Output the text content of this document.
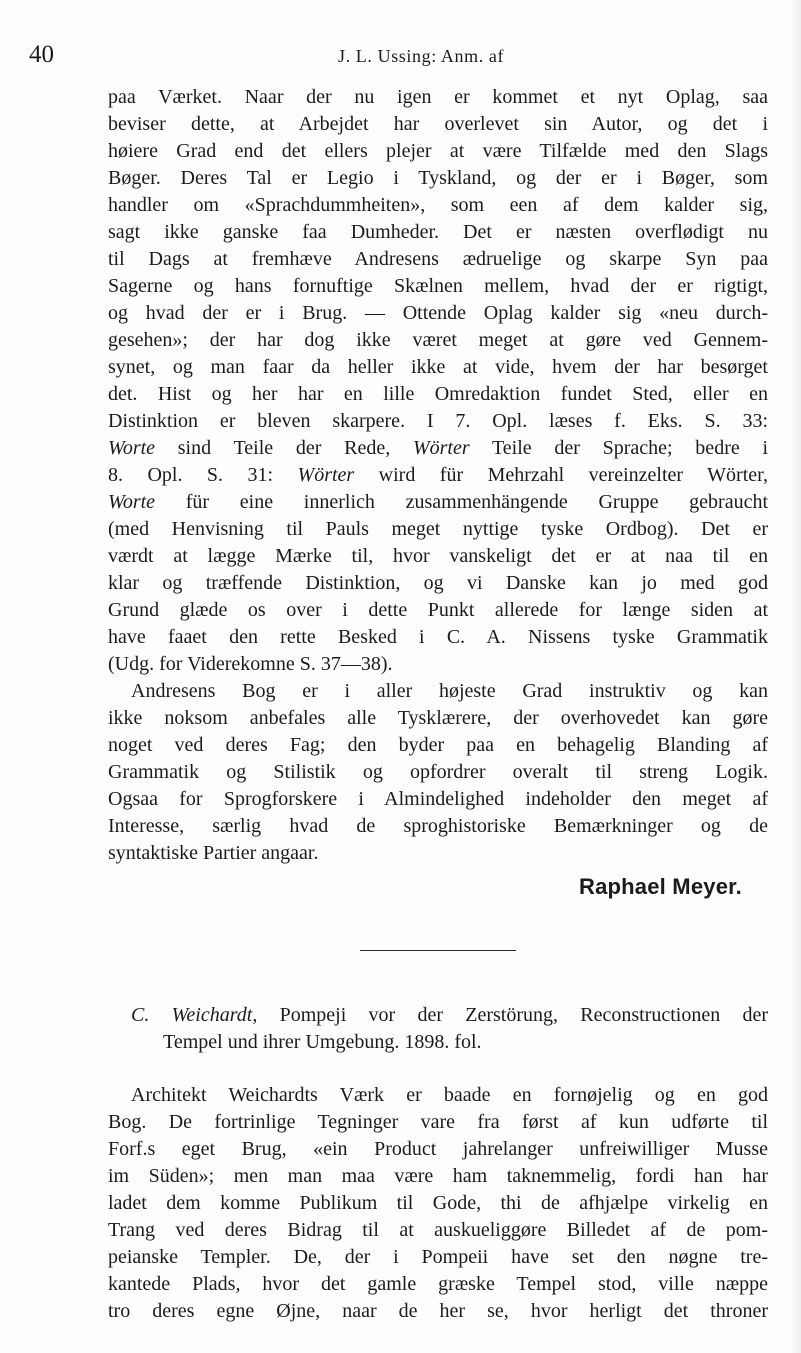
40	J. L. Ussing: Anm. af
paa Værket. Naar der nu igen er kommet et nyt Oplag, saa
beviser dette, at Arbejdet har overlevet sin Autor, og det i
høiere Grad end det ellers plejer at være Tilfælde med den Slags
Bøger. Deres Tal er Legio i Tyskland, og der er i Bøger, som
handler om «Sprachdummheiten», som een af dem kalder sig,
sagt ikke ganske faa Dumheder. Det er næsten overflødigt nu
til Dags at fremhæve Andresens ædruelige og skarpe Syn paa
Sagerne og hans fornuftige Skælnen mellem, hvad der er rigtigt,
og hvad der er i Brug. — Ottende Oplag kalder sig «neu durch-
gesehen»; der har dog ikke været meget at gøre ved Gennem-
synet, og man faar da heller ikke at vide, hvem der har besørget
det. Hist og her har en lille Omredaktion fundet Sted, eller en
Distinktion er bleven skarpere. I 7. Opl. læses f. Eks. S. 33:
Worte sind Teile der Rede, Wörter Teile der Sprache; bedre i
8. Opl. S. 31: Wörter wird für Mehrzahl vereinzelter Wörter,
Worte für eine innerlich zusammenhängende Gruppe gebraucht
(med Henvisning til Pauls meget nyttige tyske Ordbog). Det er
værdt at lægge Mærke til, hvor vanskeligt det er at naa til en
klar og træffende Distinktion, og vi Danske kan jo med god
Grund glæde os over i dette Punkt allerede for længe siden at
have faaet den rette Besked i C. A. Nissens tyske Grammatik
(Udg. for Viderekomne S. 37—38).
Andresens Bog er i aller højeste Grad instruktiv og kan
ikke noksom anbefales alle Tysklærere, der overhovedet kan gøre
noget ved deres Fag; den byder paa en behagelig Blanding af
Grammatik og Stilistik og opfordrer overalt til streng Logik.
Ogsaa for Sprogforskere i Almindelighed indeholder den meget af
Interesse, særlig hvad de sproghistoriske Bemærkninger og de
syntaktiske Partier angaar.
Raphael Meyer.
C. Weichardt, Pompeji vor der Zerstörung, Reconstructionen der
Tempel und ihrer Umgebung. 1898. fol.
Architekt Weichardts Værk er baade en fornøjelig og en god
Bog. De fortrinlige Tegninger vare fra først af kun udførte til
Forf.s eget Brug, «ein Product jahrelanger unfreiwilliger Musse
im Süden»; men man maa være ham taknemmelig, fordi han har
ladet dem komme Publikum til Gode, thi de afhjælpe virkelig en
Trang ved deres Bidrag til at auskueliggøre Billedet af de pom-
peianske Templer. De, der i Pompeii have set den nøgne tre-
kantede Plads, hvor det gamle græske Tempel stod, ville næppe
tro deres egne Øjne, naar de her se, hvor herligt det throner
